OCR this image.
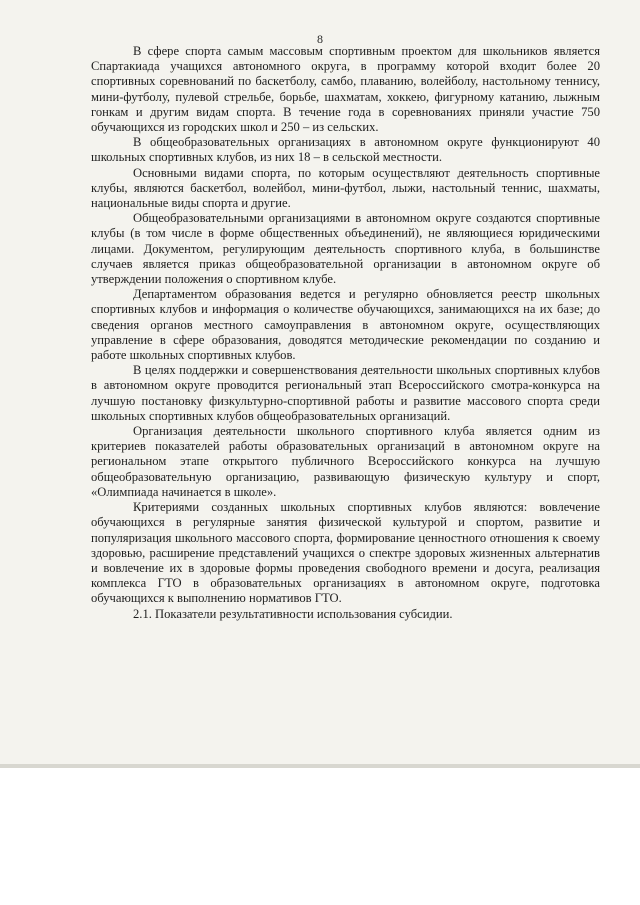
8

В сфере спорта самым массовым спортивным проектом для школьников является Спартакиада учащихся автономного округа, в программу которой входит более 20 спортивных соревнований по баскетболу, самбо, плаванию, волейболу, настольному теннису, мини-футболу, пулевой стрельбе, борьбе, шахматам, хоккею, фигурному катанию, лыжным гонкам и другим видам спорта. В течение года в соревнованиях приняли участие 750 обучающихся из городских школ и 250 – из сельских.

В общеобразовательных организациях в автономном округе функционируют 40 школьных спортивных клубов, из них 18 – в сельской местности.

Основными видами спорта, по которым осуществляют деятельность спортивные клубы, являются баскетбол, волейбол, мини-футбол, лыжи, настольный теннис, шахматы, национальные виды спорта и другие.

Общеобразовательными организациями в автономном округе создаются спортивные клубы (в том числе в форме общественных объединений), не являющиеся юридическими лицами. Документом, регулирующим деятельность спортивного клуба, в большинстве случаев является приказ общеобразовательной организации в автономном округе об утверждении положения о спортивном клубе.

Департаментом образования ведется и регулярно обновляется реестр школьных спортивных клубов и информация о количестве обучающихся, занимающихся на их базе; до сведения органов местного самоуправления в автономном округе, осуществляющих управление в сфере образования, доводятся методические рекомендации по созданию и работе школьных спортивных клубов.

В целях поддержки и совершенствования деятельности школьных спортивных клубов в автономном округе проводится региональный этап Всероссийского смотра-конкурса на лучшую постановку физкультурно-спортивной работы и развитие массового спорта среди школьных спортивных клубов общеобразовательных организаций.

Организация деятельности школьного спортивного клуба является одним из критериев показателей работы образовательных организаций в автономном округе на региональном этапе открытого публичного Всероссийского конкурса на лучшую общеобразовательную организацию, развивающую физическую культуру и спорт, «Олимпиада начинается в школе».

Критериями созданных школьных спортивных клубов являются: вовлечение обучающихся в регулярные занятия физической культурой и спортом, развитие и популяризация школьного массового спорта, формирование ценностного отношения к своему здоровью, расширение представлений учащихся о спектре здоровых жизненных альтернатив и вовлечение их в здоровые формы проведения свободного времени и досуга, реализация комплекса ГТО в образовательных организациях в автономном округе, подготовка обучающихся к выполнению нормативов ГТО.

2.1. Показатели результативности использования субсидии.
